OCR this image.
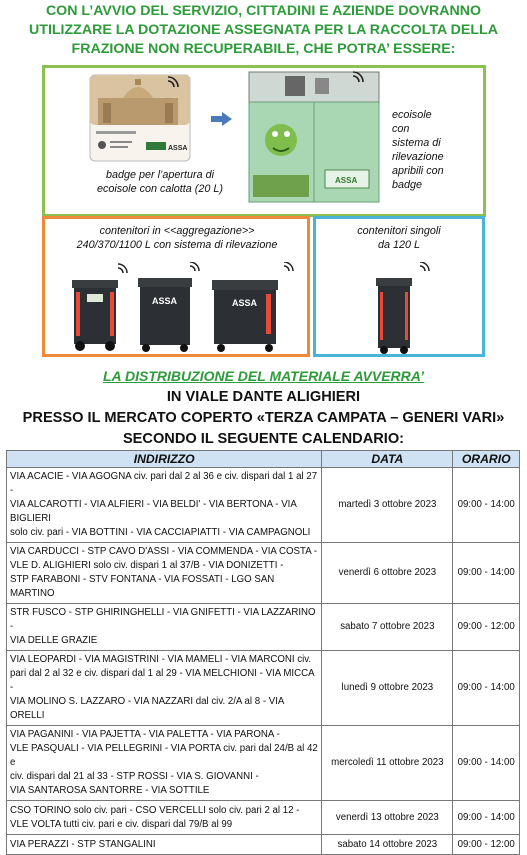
CON L’AVVIO DEL SERVIZIO, CITTADINI E AZIENDE DOVRANNO
UTILIZZARE LA DOTAZIONE ASSEGNATA PER LA RACCOLTA DELLA
FRAZIONE NON RECUPERABILE, CHE POTRA’ ESSERE:
ASSA
badge per l’apertura di
ecoisole con calotta (20 L)
ASSA
ecoisole
con
sistema di
rilevazione
apribili con
badge
contenitori in <<aggregazione>>
240/370/1100 L con sistema di rilevazione
ASSA	ASSA
contenitori singoli
da 120 L
LA DISTRIBUZIONE DEL MATERIALE AVVERRA’
IN VIALE DANTE ALIGHIERI
PRESSO IL MERCATO COPERTO «TERZA CAMPATA – GENERI VARI»
SECONDO IL SEGUENTE CALENDARIO:
INDIRIZZO	DATA	ORARIO

VIA ACACIE - VIA AGOGNA civ. pari dal 2 al 36 e civ. dispari dal 1 al 27 -
VIA ALCAROTTI - VIA ALFIERI - VIA BELDI' - VIA BERTONA - VIA BIGLIERI
solo civ. pari - VIA BOTTINI - VIA CACCIAPIATTI - VIA CAMPAGNOLI	martedì 3 ottobre 2023	09:00 - 14:00

VIA CARDUCCI - STP CAVO D'ASSI - VIA COMMENDA - VIA COSTA -
VLE D. ALIGHIERI solo civ. dispari 1 al 37/B - VIA DONIZETTI -
STP FARABONI - STV FONTANA - VIA FOSSATI - LGO SAN MARTINO	venerdì 6 ottobre 2023	09:00 - 14:00

STR FUSCO - STP GHIRINGHELLI - VIA GNIFETTI - VIA LAZZARINO -
VIA DELLE GRAZIE	sabato 7 ottobre 2023	09:00 - 12:00

VIA LEOPARDI - VIA MAGISTRINI - VIA MAMELI - VIA MARCONI civ.
pari dal 2 al 32 e civ. dispari dal 1 al 29 - VIA MELCHIONI - VIA MICCA -
VIA MOLINO S. LAZZARO - VIA NAZZARI dal civ. 2/A al 8 - VIA ORELLI	lunedì 9 ottobre 2023	09:00 - 14:00

VIA PAGANINI - VIA PAJETTA - VIA PALETTA - VIA PARONA -
VLE PASQUALI - VIA PELLEGRINI - VIA PORTA civ. pari dal 24/B al 42 e
civ. dispari dal 21 al 33 - STP ROSSI - VIA S. GIOVANNI -
VIA SANTAROSA SANTORRE - VIA SOTTILE	mercoledì 11 ottobre 2023	09:00 - 14:00

CSO TORINO solo civ. pari - CSO VERCELLI solo civ. pari 2 al 12 -
VLE VOLTA tutti civ. pari e civ. dispari dal 79/B al 99	venerdì 13 ottobre 2023	09:00 - 14:00

VIA PERAZZI - STP STANGALINI	sabato 14 ottobre 2023	09:00 - 12:00
